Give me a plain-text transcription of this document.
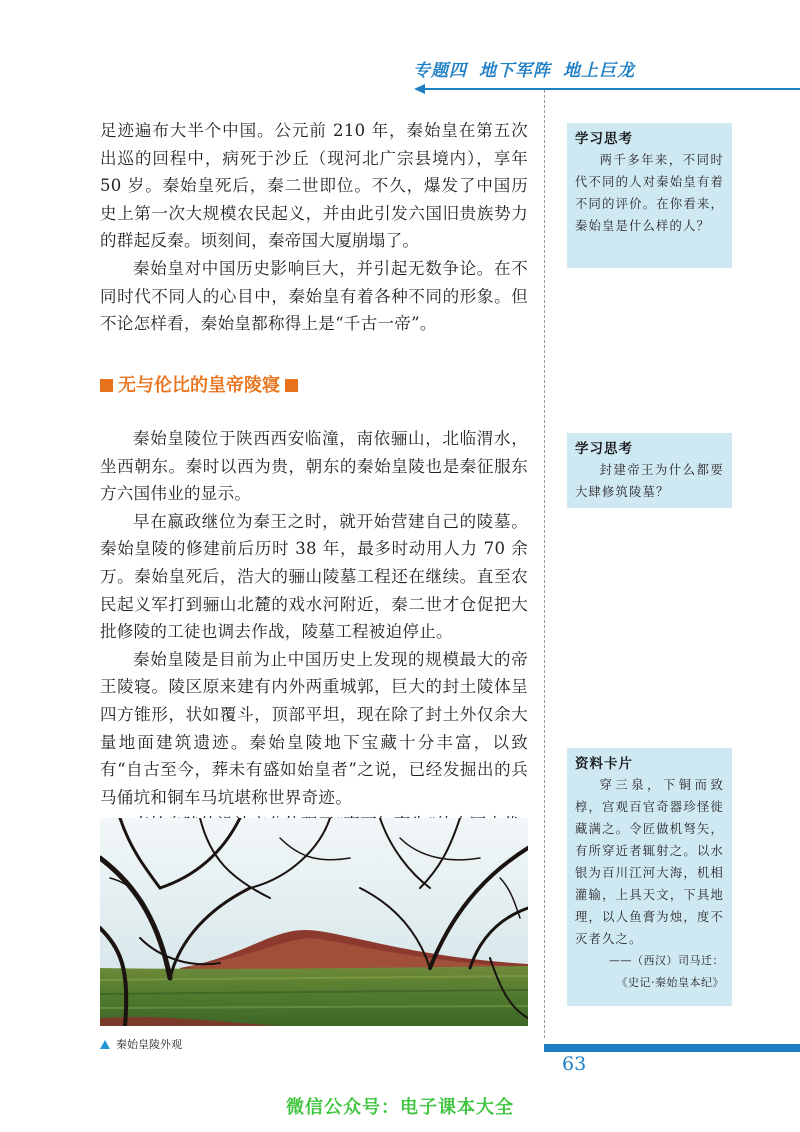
专题四 地下军阵 地上巨龙

足迹遍布大半个中国。公元前 210 年，秦始皇在第五次出巡的回程中，病死于沙丘（现河北广宗县境内），享年 50 岁。秦始皇死后，秦二世即位。不久，爆发了中国历史上第一次大规模农民起义，并由此引发六国旧贵族势力的群起反秦。顷刻间，秦帝国大厦崩塌了。

秦始皇对中国历史影响巨大，并引起无数争论。在不同时代不同人的心目中，秦始皇有着各种不同的形象。但不论怎样看，秦始皇都称得上是“千古一帝”。

无与伦比的皇帝陵寝

秦始皇陵位于陕西西安临潼，南依骊山，北临渭水，坐西朝东。秦时以西为贵，朝东的秦始皇陵也是秦征服东方六国伟业的显示。

早在嬴政继位为秦王之时，就开始营建自己的陵墓。秦始皇陵的修建前后历时 38 年，最多时动用人力 70 余万。秦始皇死后，浩大的骊山陵墓工程还在继续。直至农民起义军打到骊山北麓的戏水河附近，秦二世才仓促把大批修陵的工徒也调去作战，陵墓工程被迫停止。

秦始皇陵是目前为止中国历史上发现的规模最大的帝王陵寝。陵区原来建有内外两重城郭，巨大的封土陵体呈四方锥形，状如覆斗，顶部平坦，现在除了封土外仅余大量地面建筑遗迹。秦始皇陵地下宝藏十分丰富，以致有“自古至今，葬未有盛如始皇者”之说，已经发掘出的兵马俑坑和铜车马坑堪称世界奇迹。

秦始皇陵外观
学习思考

两千多年来，不同时代不同的人对秦始皇有着不同的评价。在你看来，秦始皇是什么样的人？

学习思考

封建帝王为什么都要大肆修筑陵墓？

资料卡片

穿三泉，下铜而致椁，宫观百官奇器珍怪徙藏满之。令匠做机弩矢，有所穿近者辄射之。以水银为百川江河大海，机相灌输，上具天文，下具地理，以人鱼膏为烛，度不灭者久之。

——（西汉）司马迁：

《史记·秦始皇本纪》

63
微信公众号：电子课本大全
